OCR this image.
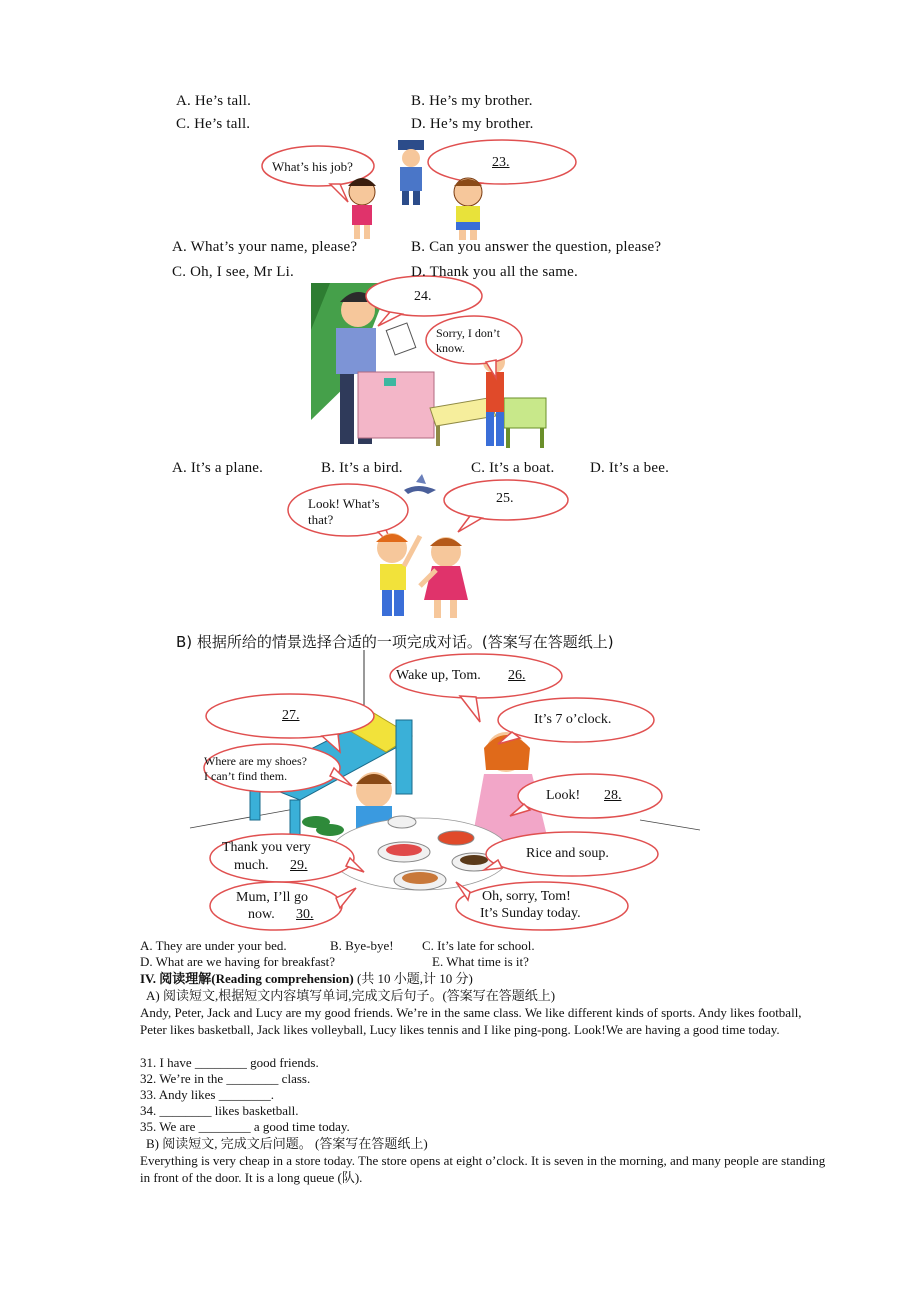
A. He’s tall.	B. He’s my brother.
C. He’s tall.	D. He’s my brother.
What’s his job?	23.
A. What’s your name, please?	B. Can you answer the question, please?
C. Oh, I see, Mr Li.	D. Thank you all the same.
24.
Sorry, I don’t
know.
A. It’s a plane.	B. It’s a bird.	C. It’s a boat. D. It’s a bee.
Look! What’s
that?
25.
B) 根据所给的情景选择合适的一项完成对话。(答案写在答题纸上)
Wake up, Tom. 26.
27.	It’s 7 o’clock.
Where are my shoes?
I can’t find them.
Look! 28.
Thank you very
much. 29.
Rice and soup.
Mum, I’ll go
now. 30.
Oh, sorry, Tom!
It’s Sunday today.
A. They are under your bed.	B. Bye-bye! C. It’s late for school.
D. What are we having for breakfast?	E. What time is it?
IV. 阅读理解(Reading comprehension) (共 10 小题,计 10 分)
A) 阅读短文,根据短文内容填写单词,完成文后句子。(答案写在答题纸上)
Andy, Peter, Jack and Lucy are my good friends. We’re in the same class. We like different kinds of sports. Andy likes football, Peter likes basketball, Jack likes volleyball, Lucy likes tennis and I like ping-pong. Look!We are having a good time today.
31. I have ________ good friends.
32. We’re in the ________ class.
33. Andy likes ________.
34. ________ likes basketball.
35. We are ________ a good time today.
B) 阅读短文, 完成文后问题。 (答案写在答题纸上)
Everything is very cheap in a store today. The store opens at eight o’clock. It is seven in the morning, and many people are standing in front of the door. It is a long queue (队).
